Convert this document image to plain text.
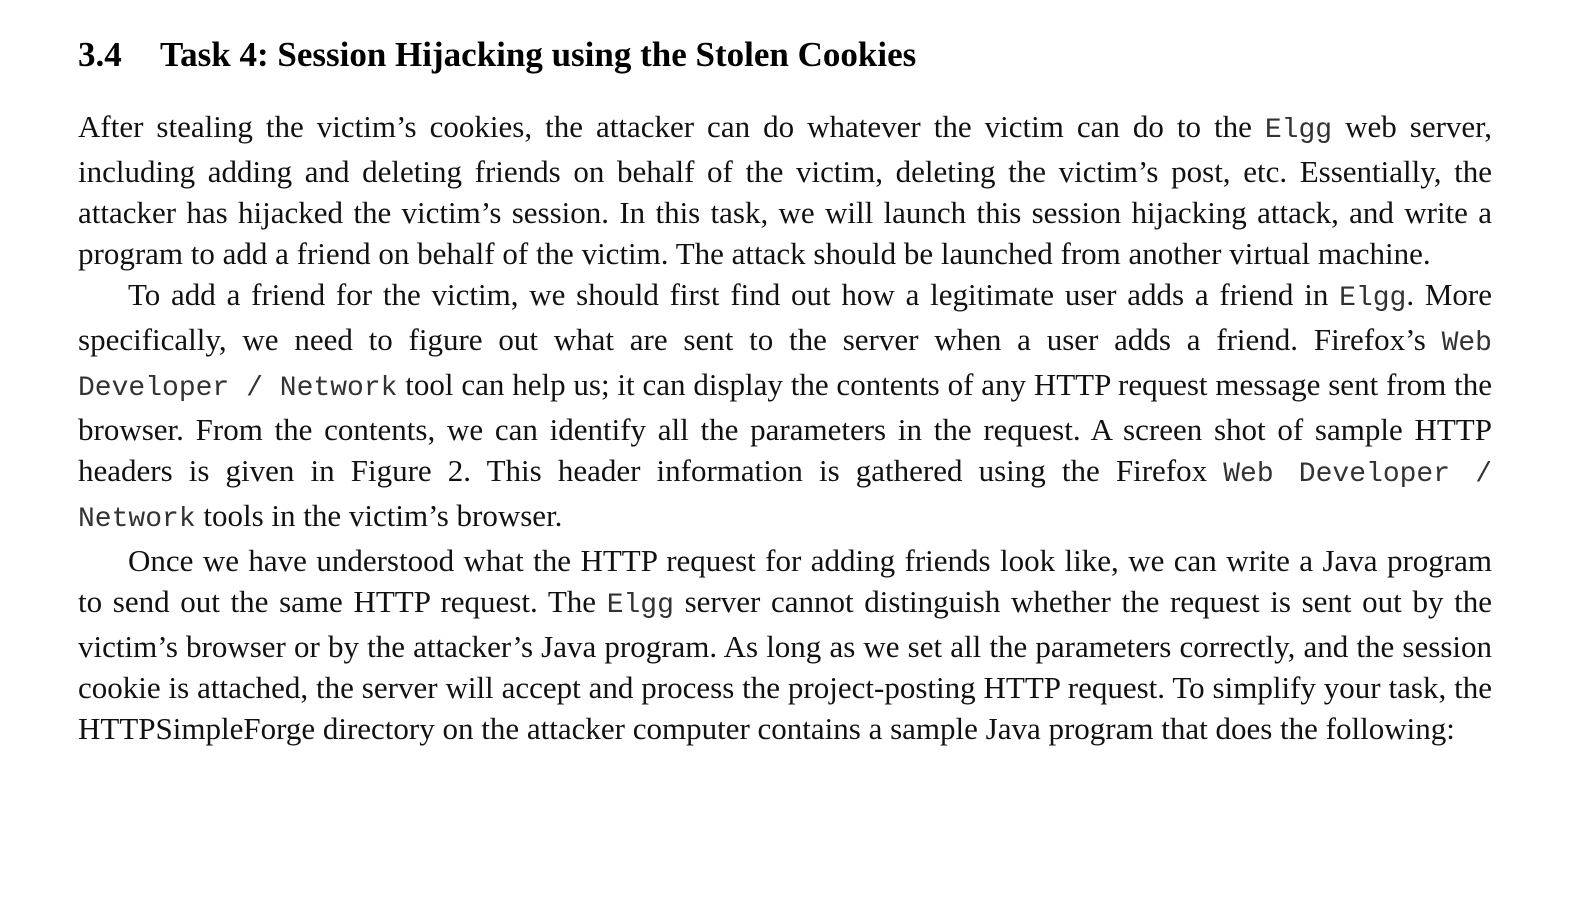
3.4	Task 4: Session Hijacking using the Stolen Cookies

After stealing the victim’s cookies, the attacker can do whatever the victim can do to the Elgg web server, including adding and deleting friends on behalf of the victim, deleting the victim’s post, etc. Essentially, the attacker has hijacked the victim’s session. In this task, we will launch this session hijacking attack, and write a program to add a friend on behalf of the victim. The attack should be launched from another virtual machine.

To add a friend for the victim, we should first find out how a legitimate user adds a friend in Elgg. More specifically, we need to figure out what are sent to the server when a user adds a friend. Firefox’s Web Developer / Network tool can help us; it can display the contents of any HTTP request message sent from the browser. From the contents, we can identify all the parameters in the request. A screen shot of sample HTTP headers is given in Figure 2. This header information is gathered using the Firefox Web Developer / Network tools in the victim’s browser.

Once we have understood what the HTTP request for adding friends look like, we can write a Java program to send out the same HTTP request. The Elgg server cannot distinguish whether the request is sent out by the victim’s browser or by the attacker’s Java program. As long as we set all the parameters correctly, and the session cookie is attached, the server will accept and process the project-posting HTTP request. To simplify your task, the HTTPSimpleForge directory on the attacker computer contains a sample Java program that does the following:
